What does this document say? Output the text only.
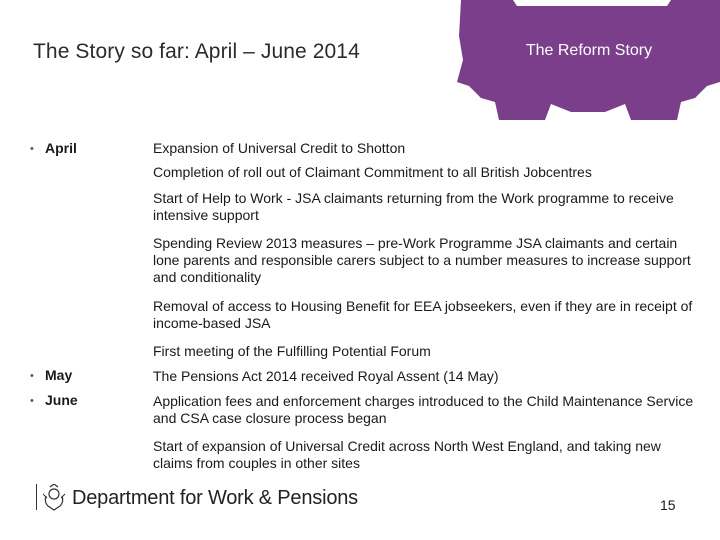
The Story so far: April – June 2014	The Reform Story
• April
• May
• June
Expansion of Universal Credit to Shotton
Completion of roll out of Claimant Commitment to all British Jobcentres
Start of Help to Work - JSA claimants returning from the Work programme to receive intensive support
Spending Review 2013 measures – pre-Work Programme JSA claimants and certain lone parents and responsible carers subject to a number measures to increase support and conditionality
Removal of access to Housing Benefit for EEA jobseekers, even if they are in receipt of income-based JSA
First meeting of the Fulfilling Potential Forum
The Pensions Act 2014 received Royal Assent (14 May)
Application fees and enforcement charges introduced to the Child Maintenance Service and CSA case closure process began
Start of expansion of Universal Credit across North West England, and taking new claims from couples in other sites
Department for Work & Pensions	15
